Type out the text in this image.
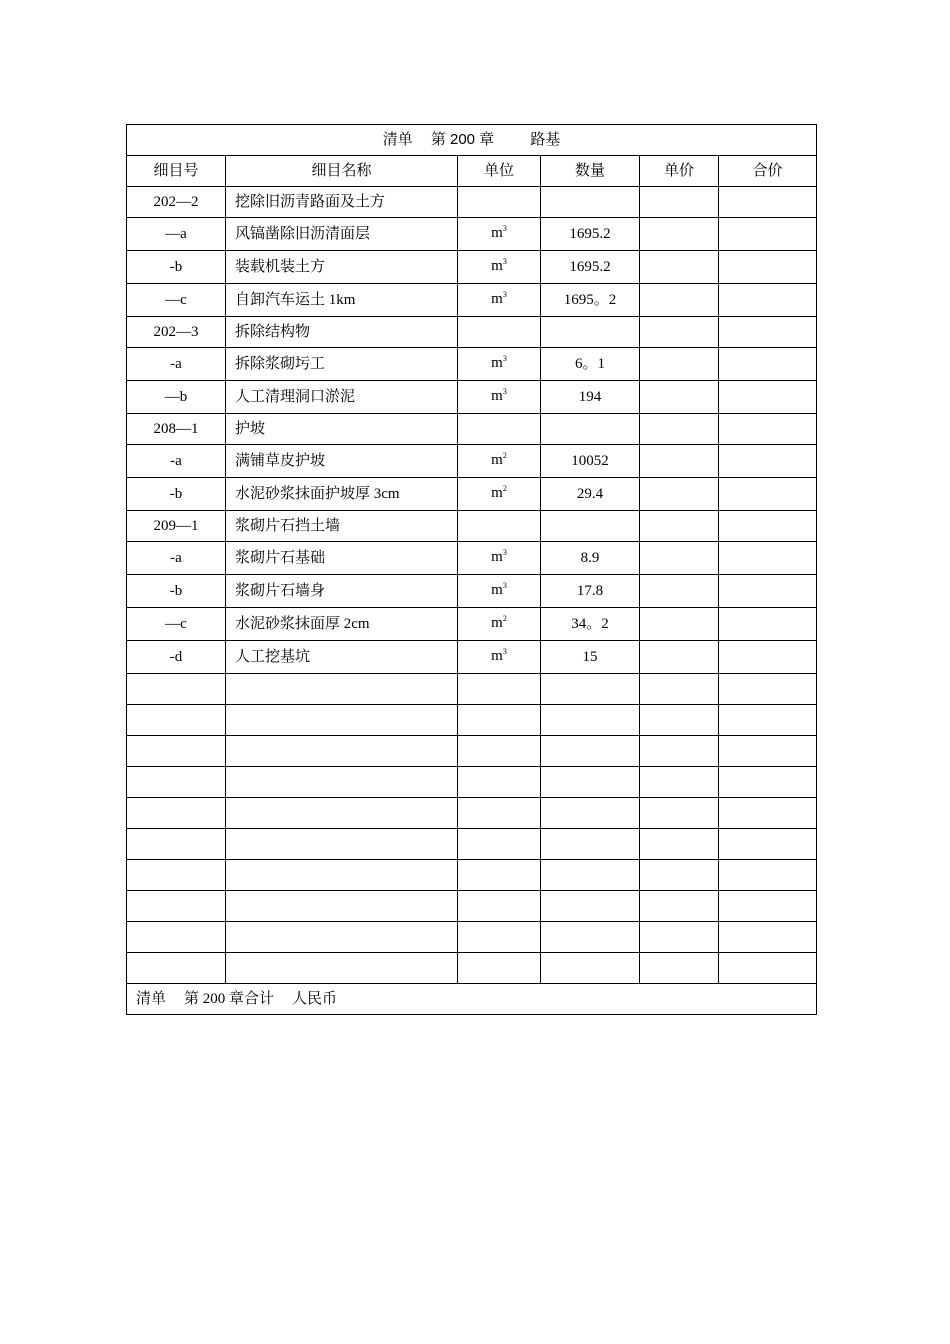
清单 第 200 章 路基					
细目号	细目名称	单位	数量	单价	合价
202—2	挖除旧沥青路面及土方				
—a	风镐凿除旧沥清面层	$m^3$	1695.2		
-b	装载机装土方	$m^3$	1695.2		
—c	自卸汽车运土 1km	$m^3$	1695。2		
202—3	拆除结构物				
-a	拆除浆砌圬工	$m^3$	6。1		
—b	人工清理洞口淤泥	$m^3$	194		
208—1	护坡				
-a	满铺草皮护坡	$m^2$	10052		
-b	水泥砂浆抹面护坡厚 3cm	$m^2$	29.4		
209—1	浆砌片石挡土墙				
-a	浆砌片石基础	$m^3$	8.9		
-b	浆砌片石墙身	$m^3$	17.8		
—c	水泥砂浆抹面厚 2cm	$m^2$	34。2		
-d	人工挖基坑	$m^3$	15		

清单 第 200 章合计 人民币					
